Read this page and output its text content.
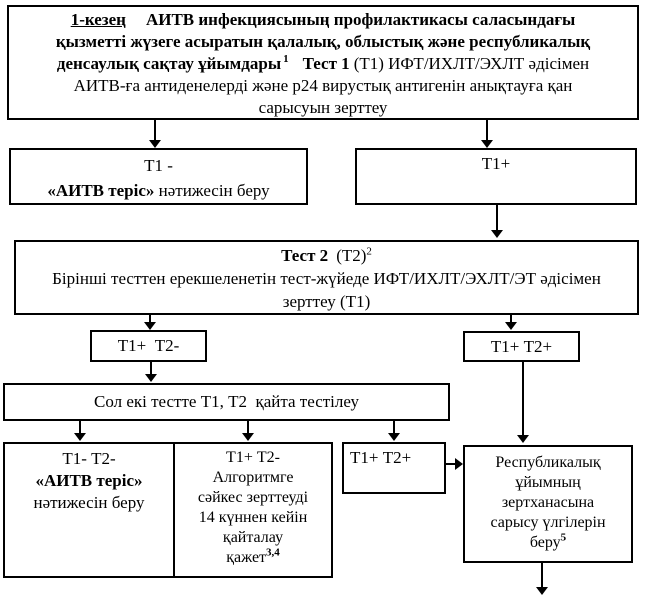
1-кезең АИТВ инфекциясының профилактикасы саласындағы
қызметті жүзеге асыратын қалалық, облыстық және республикалық
денсаулық сақтау ұйымдары $^1$ Тест 1 (Т1) ИФТ/ИХЛТ/ЭХЛТ әдісімен
АИТВ-ға антиденелерді және р24 вирустық антигенін анықтауға қан
сарысуын зерттеу
Т1 -
«АИТВ теріс» нәтижесін беру
Т1+
Тест 2 $(Т2)^2$
Бірінші тесттен ерекшеленетін тест-жүйеде ИФТ/ИХЛТ/ЭХЛТ/ЭТ әдісімен
зерттеу (Т1)
Т1+  Т2-	Т1+ Т2+
Сол екі тестте Т1, Т2  қайта тестілеу
Т1- Т2-
«АИТВ теріс»
нәтижесін беру
Т1+ Т2-
Алгоритмге
сәйкес зерттеуді
14 күннен кейін
қайталау
қажет$^{3,4}$
Т1+ Т2+	Республикалық
ұйымның
зертханасына
сарысу үлгілерін
беру$^5$
